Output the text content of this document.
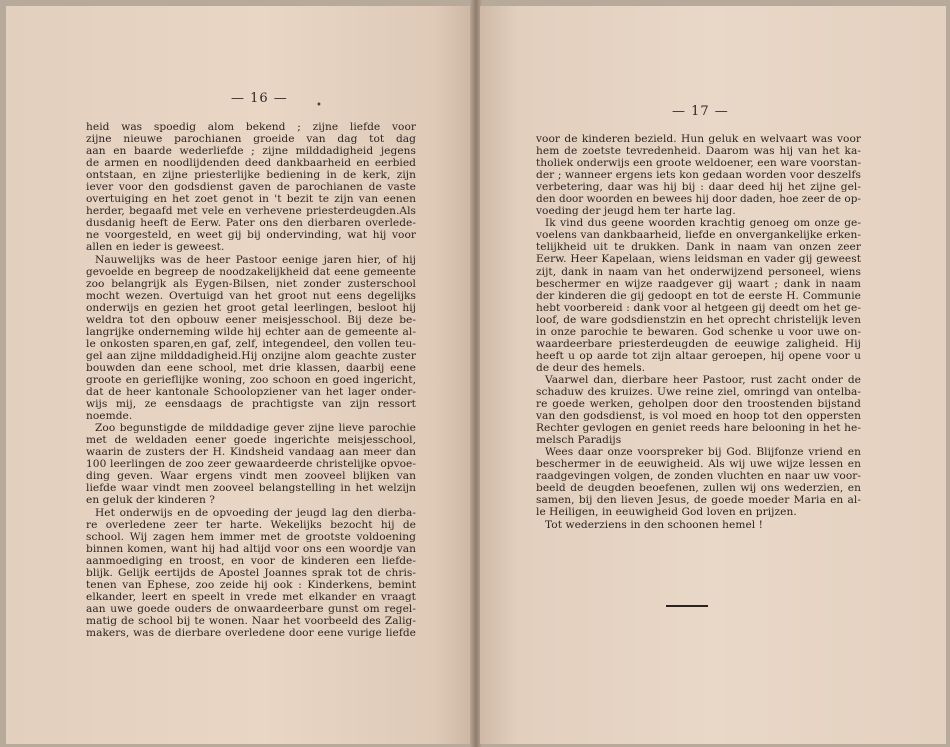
— 16 —	•
heid was spoedig alom bekend ; zijne liefde voor
zijne nieuwe parochianen groeide van dag tot dag
aan en baarde wederliefde ; zijne milddadigheid jegens
de armen en noodlijdenden deed dankbaarheid en eerbied
ontstaan, en zijne priesterlijke bediening in de kerk, zijn
iever voor den godsdienst gaven de parochianen de vaste
overtuiging en het zoet genot in 't bezit te zijn van eenen
herder, begaafd met vele en verhevene priesterdeugden.Als
dusdanig heeft de Eerw. Pater ons den dierbaren overlede-
ne voorgesteld, en weet gij bij ondervinding, wat hij voor
allen en ieder is geweest.
Nauwelijks was de heer Pastoor eenige jaren hier, of hij
gevoelde en begreep de noodzakelijkheid dat eene gemeente
zoo belangrijk als Eygen-Bilsen, niet zonder zusterschool
mocht wezen. Overtuigd van het groot nut eens degelijks
onderwijs en gezien het groot getal leerlingen, besloot hij
weldra tot den opbouw eener meisjesschool. Bij deze be-
langrijke onderneming wilde hij echter aan de gemeente al-
le onkosten sparen,en gaf, zelf, integendeel, den vollen teu-
gel aan zijne milddadigheid.Hij onzijne alom geachte zuster
bouwden dan eene school, met drie klassen, daarbij eene
groote en gerieflijke woning, zoo schoon en goed ingericht,
dat de heer kantonale Schoolopziener van het lager onder-
wijs mij, ze eensdaags de prachtigste van zijn ressort
noemde.
Zoo begunstigde de milddadige gever zijne lieve parochie
met de weldaden eener goede ingerichte meisjesschool,
waarin de zusters der H. Kindsheid vandaag aan meer dan
100 leerlingen de zoo zeer gewaardeerde christelijke opvoe-
ding geven. Waar ergens vindt men zooveel blijken van
liefde waar vindt men zooveel belangstelling in het welzijn
en geluk der kinderen ?
Het onderwijs en de opvoeding der jeugd lag den dierba-
re overledene zeer ter harte. Wekelijks bezocht hij de
school. Wij zagen hem immer met de grootste voldoening
binnen komen, want hij had altijd voor ons een woordje van
aanmoediging en troost, en voor de kinderen een liefde-
blijk. Gelijk eertijds de Apostel Joannes sprak tot de chris-
tenen van Ephese, zoo zeide hij ook : Kinderkens, bemint
elkander, leert en speelt in vrede met elkander en vraagt
aan uwe goede ouders de onwaardeerbare gunst om regel-
matig de school bij te wonen. Naar het voorbeeld des Zalig-
makers, was de dierbare overledene door eene vurige liefde
— 17 —
voor de kinderen bezield. Hun geluk en welvaart was voor
hem de zoetste tevredenheid. Daarom was hij van het ka-
tholiek onderwijs een groote weldoener, een ware voorstan-
der ; wanneer ergens iets kon gedaan worden voor deszelfs
verbetering, daar was hij bij : daar deed hij het zijne gel-
den door woorden en bewees hij door daden, hoe zeer de op-
voeding der jeugd hem ter harte lag.
Ik vind dus geene woorden krachtig genoeg om onze ge-
voelens van dankbaarheid, liefde en onvergankelijke erken-
telijkheid uit te drukken. Dank in naam van onzen zeer
Eerw. Heer Kapelaan, wiens leidsman en vader gij geweest
zijt, dank in naam van het onderwijzend personeel, wiens
beschermer en wijze raadgever gij waart ; dank in naam
der kinderen die gij gedoopt en tot de eerste H. Communie
hebt voorbereid : dank voor al hetgeen gij deedt om het ge-
loof, de ware godsdienstzin en het oprecht christelijk leven
in onze parochie te bewaren. God schenke u voor uwe on-
waardeerbare priesterdeugden de eeuwige zaligheid. Hij
heeft u op aarde tot zijn altaar geroepen, hij opene voor u
de deur des hemels.
Vaarwel dan, dierbare heer Pastoor, rust zacht onder de
schaduw des kruizes. Uwe reine ziel, omringd van ontelba-
re goede werken, geholpen door den troostenden bijstand
van den godsdienst, is vol moed en hoop tot den oppersten
Rechter gevlogen en geniet reeds hare belooning in het he-
melsch Paradijs
Wees daar onze voorspreker bij God. Blijfonze vriend en
beschermer in de eeuwigheid. Als wij uwe wijze lessen en
raadgevingen volgen, de zonden vluchten en naar uw voor-
beeld de deugden beoefenen, zullen wij ons wederzien, en
samen, bij den lieven Jesus, de goede moeder Maria en al-
le Heiligen, in eeuwigheid God loven en prijzen.
Tot wederziens in den schoonen hemel !
